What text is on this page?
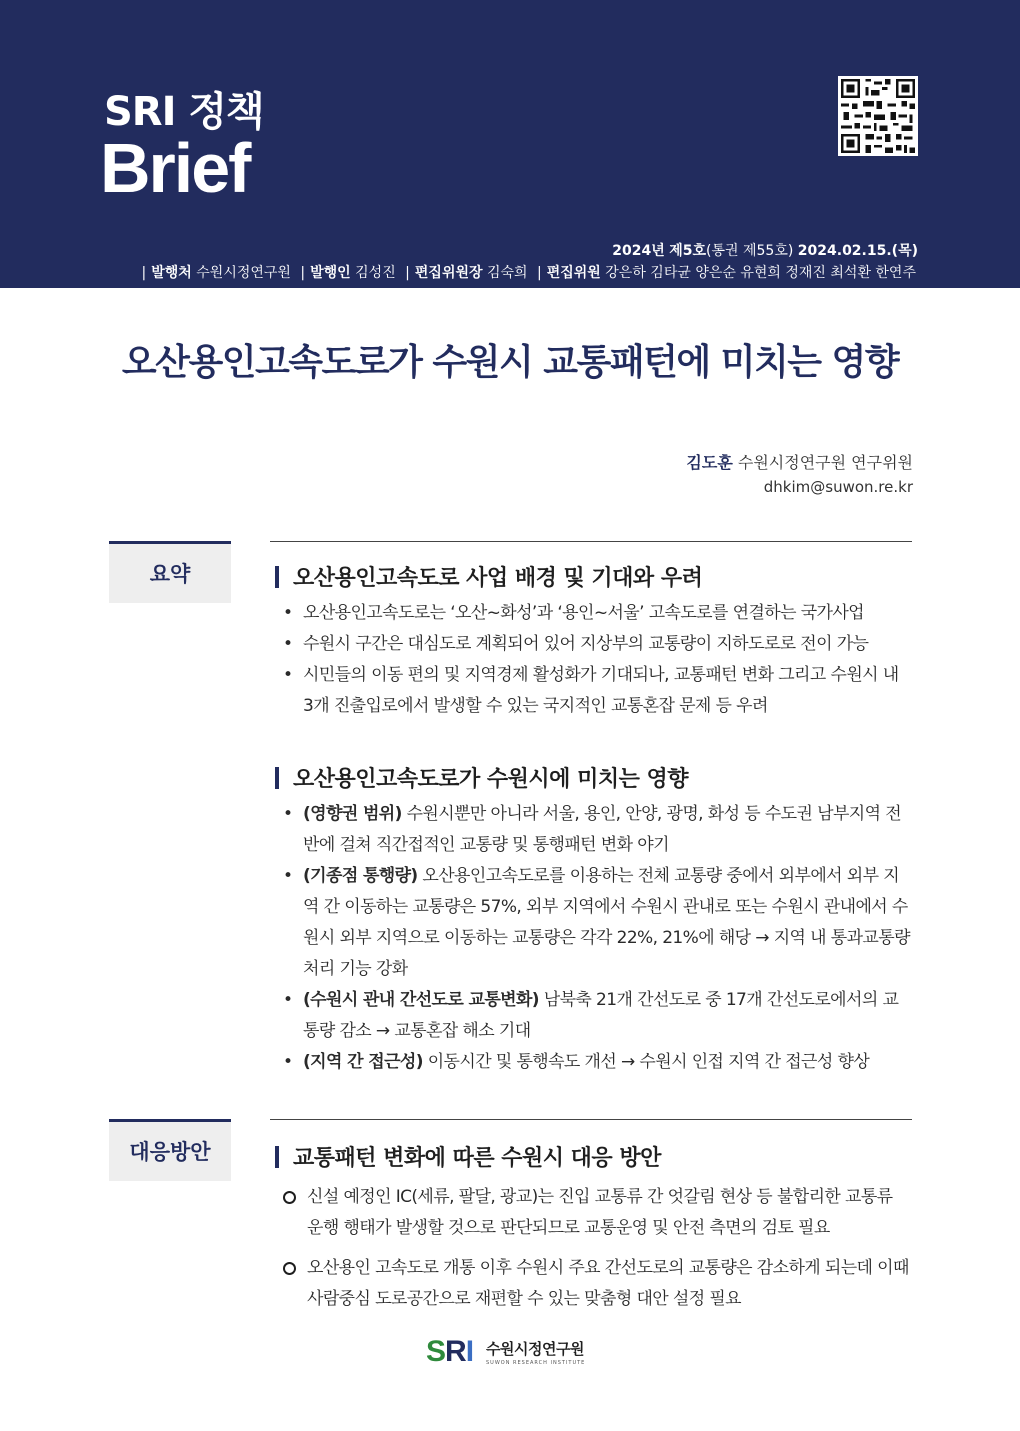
SRI 정책
Brief
2024년 제5호(통권 제55호) 2024.02.15.(목)
| 발행처 수원시정연구원 | 발행인 김성진 | 편집위원장 김숙희 | 편집위원 강은하 김타균 양은순 유현희 정재진 최석환 한연주
오산용인고속도로가 수원시 교통패턴에 미치는 영향
김도훈 수원시정연구원 연구위원
dhkim@suwon.re.kr
요약	오산용인고속도로 사업 배경 및 기대와 우려
• 오산용인고속도로는 ‘오산~화성’과 ‘용인~서울’ 고속도로를 연결하는 국가사업
• 수원시 구간은 대심도로 계획되어 있어 지상부의 교통량이 지하도로로 전이 가능
• 시민들의 이동 편의 및 지역경제 활성화가 기대되나, 교통패턴 변화 그리고 수원시 내 3개 진출입로에서 발생할 수 있는 국지적인 교통혼잡 문제 등 우려
오산용인고속도로가 수원시에 미치는 영향
• (영향권 범위) 수원시뿐만 아니라 서울, 용인, 안양, 광명, 화성 등 수도권 남부지역 전반에 걸쳐 직간접적인 교통량 및 통행패턴 변화 야기
• (기종점 통행량) 오산용인고속도로를 이용하는 전체 교통량 중에서 외부에서 외부 지역 간 이동하는 교통량은 57%, 외부 지역에서 수원시 관내로 또는 수원시 관내에서 수원시 외부 지역으로 이동하는 교통량은 각각 22%, 21%에 해당 → 지역 내 통과교통량 처리 기능 강화
• (수원시 관내 간선도로 교통변화) 남북축 21개 간선도로 중 17개 간선도로에서의 교통량 감소 → 교통혼잡 해소 기대
• (지역 간 접근성) 이동시간 및 통행속도 개선 → 수원시 인접 지역 간 접근성 향상
대응방안	교통패턴 변화에 따른 수원시 대응 방안
신설 예정인 IC(세류, 팔달, 광교)는 진입 교통류 간 엇갈림 현상 등 불합리한 교통류 운행 행태가 발생할 것으로 판단되므로 교통운영 및 안전 측면의 검토 필요
오산용인 고속도로 개통 이후 수원시 주요 간선도로의 교통량은 감소하게 되는데 이때 사람중심 도로공간으로 재편할 수 있는 맞춤형 대안 설정 필요
SRI 수원시정연구원
SUWON RESEARCH INSTITUTE
